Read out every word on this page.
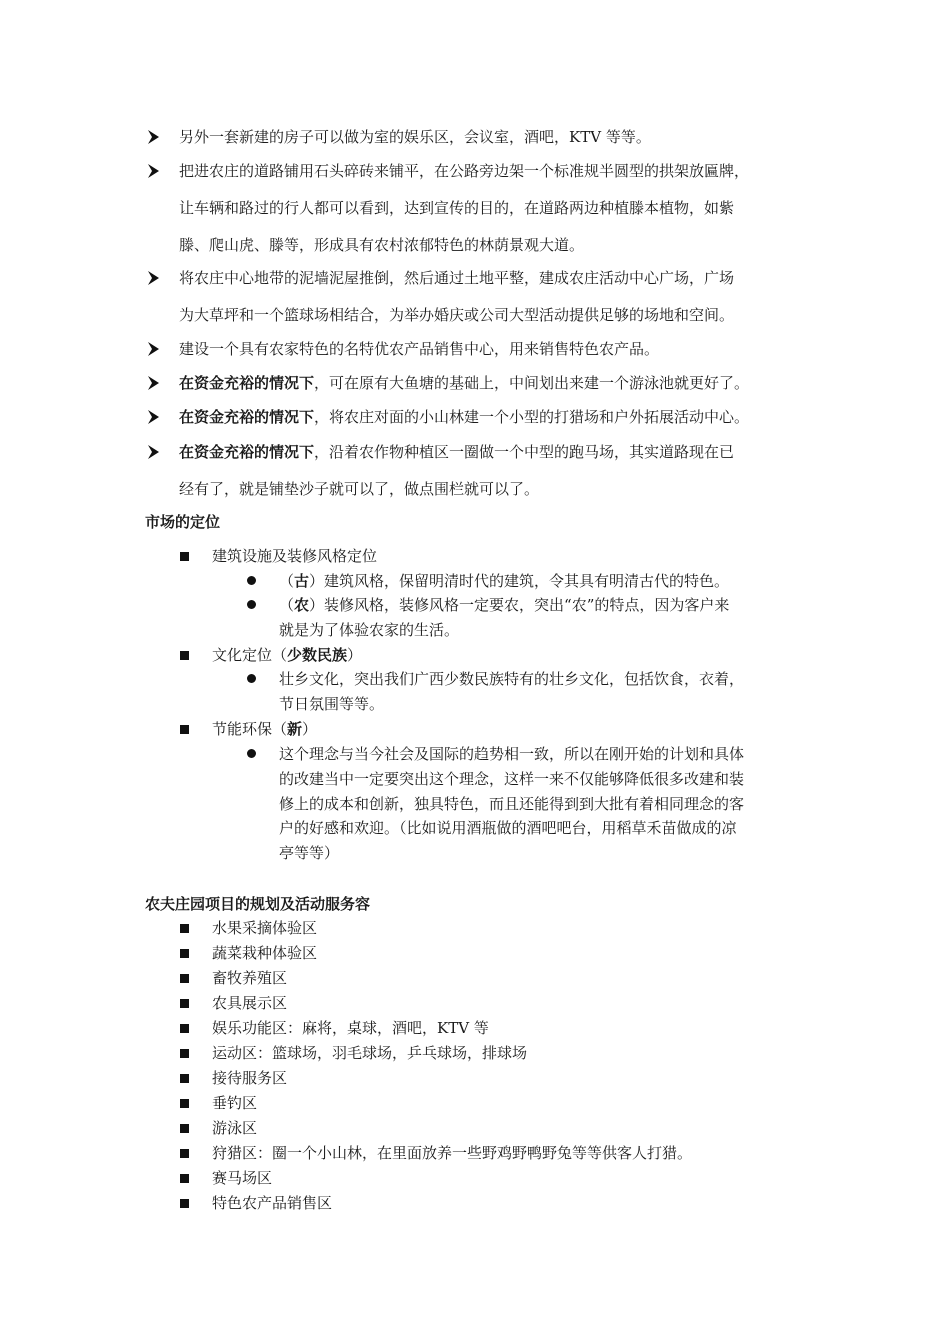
另外一套新建的房子可以做为室的娱乐区，会议室，酒吧，KTV 等等。
把进农庄的道路铺用石头碎砖来铺平，在公路旁边架一个标准规半圆型的拱架放匾牌，
让车辆和路过的行人都可以看到，达到宣传的目的，在道路两边种植滕本植物，如紫
滕、爬山虎、滕等，形成具有农村浓郁特色的林荫景观大道。
将农庄中心地带的泥墙泥屋推倒，然后通过土地平整，建成农庄活动中心广场，广场
为大草坪和一个篮球场相结合，为举办婚庆或公司大型活动提供足够的场地和空间。
建设一个具有农家特色的名特优农产品销售中心，用来销售特色农产品。
在资金充裕的情况下，可在原有大鱼塘的基础上，中间划出来建一个游泳池就更好了。
在资金充裕的情况下，将农庄对面的小山林建一个小型的打猎场和户外拓展活动中心。
在资金充裕的情况下，沿着农作物种植区一圈做一个中型的跑马场，其实道路现在已
经有了，就是铺垫沙子就可以了，做点围栏就可以了。
市场的定位
建筑设施及装修风格定位
（古）建筑风格，保留明清时代的建筑，令其具有明清古代的特色。
（农）装修风格，装修风格一定要农，突出“农”的特点，因为客户来
就是为了体验农家的生活。
文化定位（少数民族）
壮乡文化，突出我们广西少数民族特有的壮乡文化，包括饮食，衣着，
节日氛围等等。
节能环保（新）
这个理念与当今社会及国际的趋势相一致，所以在刚开始的计划和具体
的改建当中一定要突出这个理念，这样一来不仅能够降低很多改建和装
修上的成本和创新，独具特色，而且还能得到到大批有着相同理念的客
户的好感和欢迎。（比如说用酒瓶做的酒吧吧台，用稻草禾苗做成的凉
亭等等）
农夫庄园项目的规划及活动服务容
水果采摘体验区
蔬菜栽种体验区
畜牧养殖区
农具展示区
娱乐功能区：麻将，桌球，酒吧，KTV 等
运动区：篮球场，羽毛球场，乒乓球场，排球场
接待服务区
垂钓区
游泳区
狩猎区：圈一个小山林，在里面放养一些野鸡野鸭野兔等等供客人打猎。
赛马场区
特色农产品销售区
